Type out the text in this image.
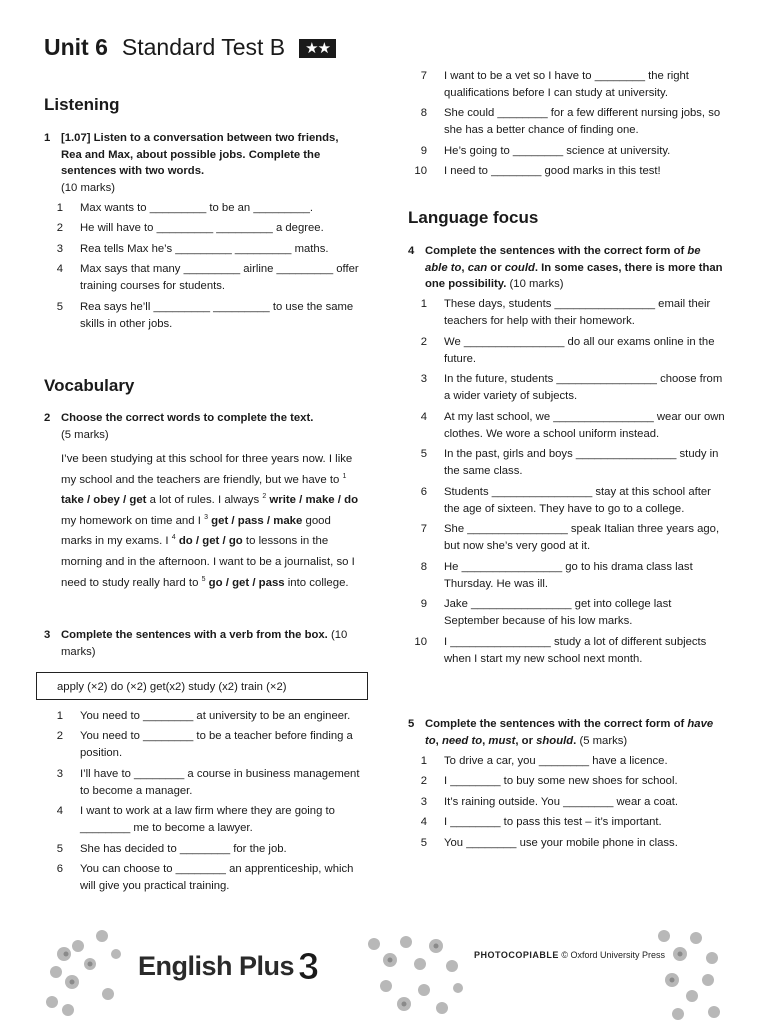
Unit 6 Standard Test B	★★
Listening
1 [1.07] Listen to a conversation between two friends, Rea and Max, about possible jobs. Complete the sentences with two words.
(10 marks)
1	Max wants to _________ to be an _________.
2	He will have to _________ _________ a degree.
3	Rea tells Max he’s _________ _________ maths.
4	Max says that many _________ airline _________ offer training courses for students.
5	Rea says he’ll _________ _________ to use the same skills in other jobs.
Vocabulary
2 Choose the correct words to complete the text.
(5 marks)
I’ve been studying at this school for three years now. I like my school and the teachers are friendly, but we have to $^1$ take / obey / get a lot of rules. I always $^2$ write / make / do my homework on time and I $^3$ get / pass / make good marks in my exams. I $^4$ do / get / go to lessons in the morning and in the afternoon. I want to be a journalist, so I need to study really hard to $^5$ go / get / pass into college.
3 Complete the sentences with a verb from the box. (10 marks)
apply (×2) do (×2) get(x2) study (x2) train (×2)
1	You need to ________ at university to be an engineer.
2	You need to ________ to be a teacher before finding a position.
3	I’ll have to ________ a course in business management to become a manager.
4	I want to work at a law firm where they are going to ________ me to become a lawyer.
5	She has decided to ________ for the job.
6	You can choose to ________ an apprenticeship, which will give you practical training.
7	I want to be a vet so I have to ________ the right qualifications before I can study at university.
8	She could ________ for a few different nursing jobs, so she has a better chance of finding one.
9	He’s going to ________ science at university.
10	I need to ________ good marks in this test!
Language focus
4 Complete the sentences with the correct form of be able to, can or could. In some cases, there is more than one possibility. (10 marks)
1	These days, students ________________ email their teachers for help with their homework.
2	We ________________ do all our exams online in the future.
3	In the future, students ________________ choose from a wider variety of subjects.
4	At my last school, we ________________ wear our own clothes. We wore a school uniform instead.
5	In the past, girls and boys ________________ study in the same class.
6	Students ________________ stay at this school after the age of sixteen. They have to go to a college.
7	She ________________ speak Italian three years ago, but now she’s very good at it.
8	He ________________ go to his drama class last Thursday. He was ill.
9	Jake ________________ get into college last September because of his low marks.
10	I ________________ study a lot of different subjects when I start my new school next month.
5 Complete the sentences with the correct form of have to, need to, must, or should. (5 marks)
1	To drive a car, you ________ have a licence.
2	I ________ to buy some new shoes for school.
3	It’s raining outside. You ________ wear a coat.
4	I ________ to pass this test – it’s important.
5	You ________ use your mobile phone in class.
English Plus 3	PHOTOCOPIABLE © Oxford University Press
